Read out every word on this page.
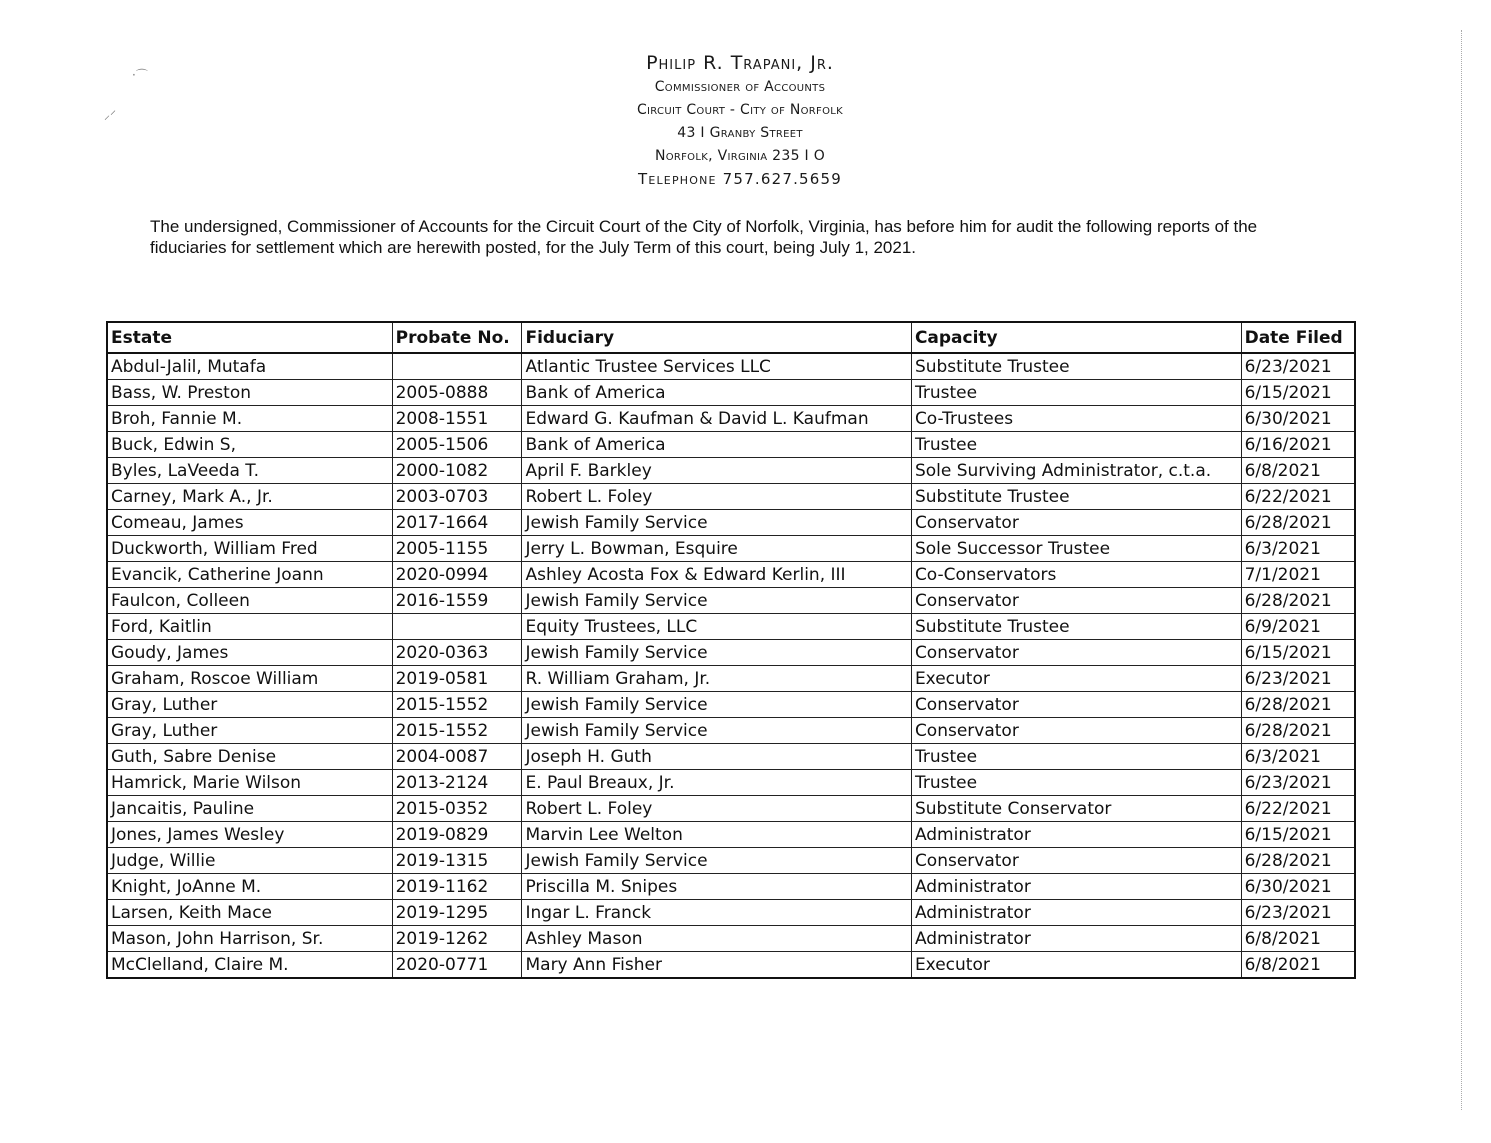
·⌒
⸝⸍
Philip R. Trapani, Jr.
Commissioner of Accounts
Circuit Court - City of Norfolk
43 I Granby Street
Norfolk, Virginia 235 I O
Telephone 757.627.5659
The undersigned, Commissioner of Accounts for the Circuit Court of the City of Norfolk, Virginia, has before him for audit the following reports of the fiduciaries for settlement which are herewith posted, for the July Term of this court, being July 1, 2021.
Estate	Probate No.	Fiduciary	Capacity	Date Filed
Abdul-Jalil, Mutafa		Atlantic Trustee Services LLC	Substitute Trustee	6/23/2021
Bass, W. Preston	2005-0888	Bank of America	Trustee	6/15/2021
Broh, Fannie M.	2008-1551	Edward G. Kaufman & David L. Kaufman	Co-Trustees	6/30/2021
Buck, Edwin S,	2005-1506	Bank of America	Trustee	6/16/2021
Byles, LaVeeda T.	2000-1082	April F. Barkley	Sole Surviving Administrator, c.t.a.	6/8/2021
Carney, Mark A., Jr.	2003-0703	Robert L. Foley	Substitute Trustee	6/22/2021
Comeau, James	2017-1664	Jewish Family Service	Conservator	6/28/2021
Duckworth, William Fred	2005-1155	Jerry L. Bowman, Esquire	Sole Successor Trustee	6/3/2021
Evancik, Catherine Joann	2020-0994	Ashley Acosta Fox & Edward Kerlin, III	Co-Conservators	7/1/2021
Faulcon, Colleen	2016-1559	Jewish Family Service	Conservator	6/28/2021
Ford, Kaitlin		Equity Trustees, LLC	Substitute Trustee	6/9/2021
Goudy, James	2020-0363	Jewish Family Service	Conservator	6/15/2021
Graham, Roscoe William	2019-0581	R. William Graham, Jr.	Executor	6/23/2021
Gray, Luther	2015-1552	Jewish Family Service	Conservator	6/28/2021
Gray, Luther	2015-1552	Jewish Family Service	Conservator	6/28/2021
Guth, Sabre Denise	2004-0087	Joseph H. Guth	Trustee	6/3/2021
Hamrick, Marie Wilson	2013-2124	E. Paul Breaux, Jr.	Trustee	6/23/2021
Jancaitis, Pauline	2015-0352	Robert L. Foley	Substitute Conservator	6/22/2021
Jones, James Wesley	2019-0829	Marvin Lee Welton	Administrator	6/15/2021
Judge, Willie	2019-1315	Jewish Family Service	Conservator	6/28/2021
Knight, JoAnne M.	2019-1162	Priscilla M. Snipes	Administrator	6/30/2021
Larsen, Keith Mace	2019-1295	Ingar L. Franck	Administrator	6/23/2021
Mason, John Harrison, Sr.	2019-1262	Ashley Mason	Administrator	6/8/2021
McClelland, Claire M.	2020-0771	Mary Ann Fisher	Executor	6/8/2021
